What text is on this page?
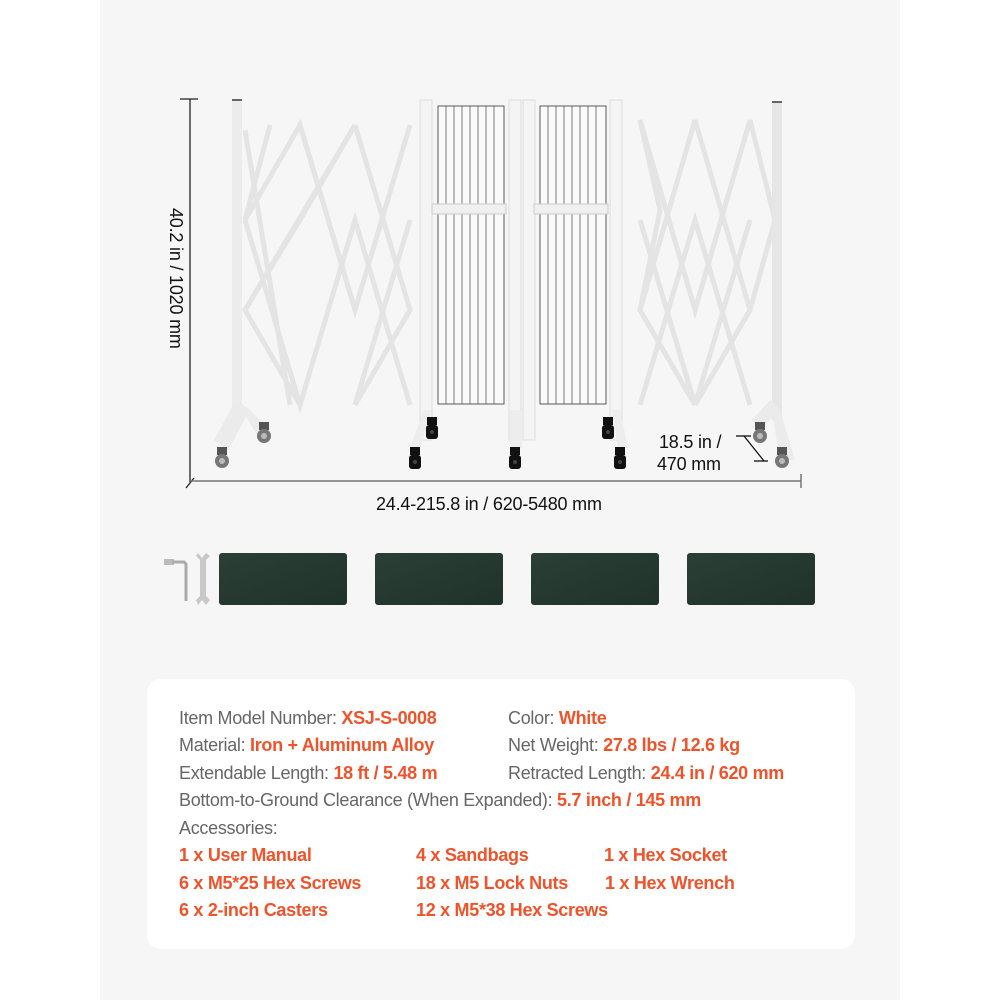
40.2 in / 1020 mm
24.4-215.8 in / 620-5480 mm
18.5 in /
470 mm
Item Model Number: XSJ-S-0008	Color: White
Material: Iron + Aluminum Alloy	Net Weight: 27.8 lbs / 12.6 kg
Extendable Length: 18 ft / 5.48 m	Retracted Length: 24.4 in / 620 mm
Bottom-to-Ground Clearance (When Expanded): 5.7 inch / 145 mm
Accessories:
1 x User Manual	4 x Sandbags	1 x Hex Socket
6 x M5*25 Hex Screws	18 x M5 Lock Nuts 1 x Hex Wrench
6 x 2-inch Casters	12 x M5*38 Hex Screws
